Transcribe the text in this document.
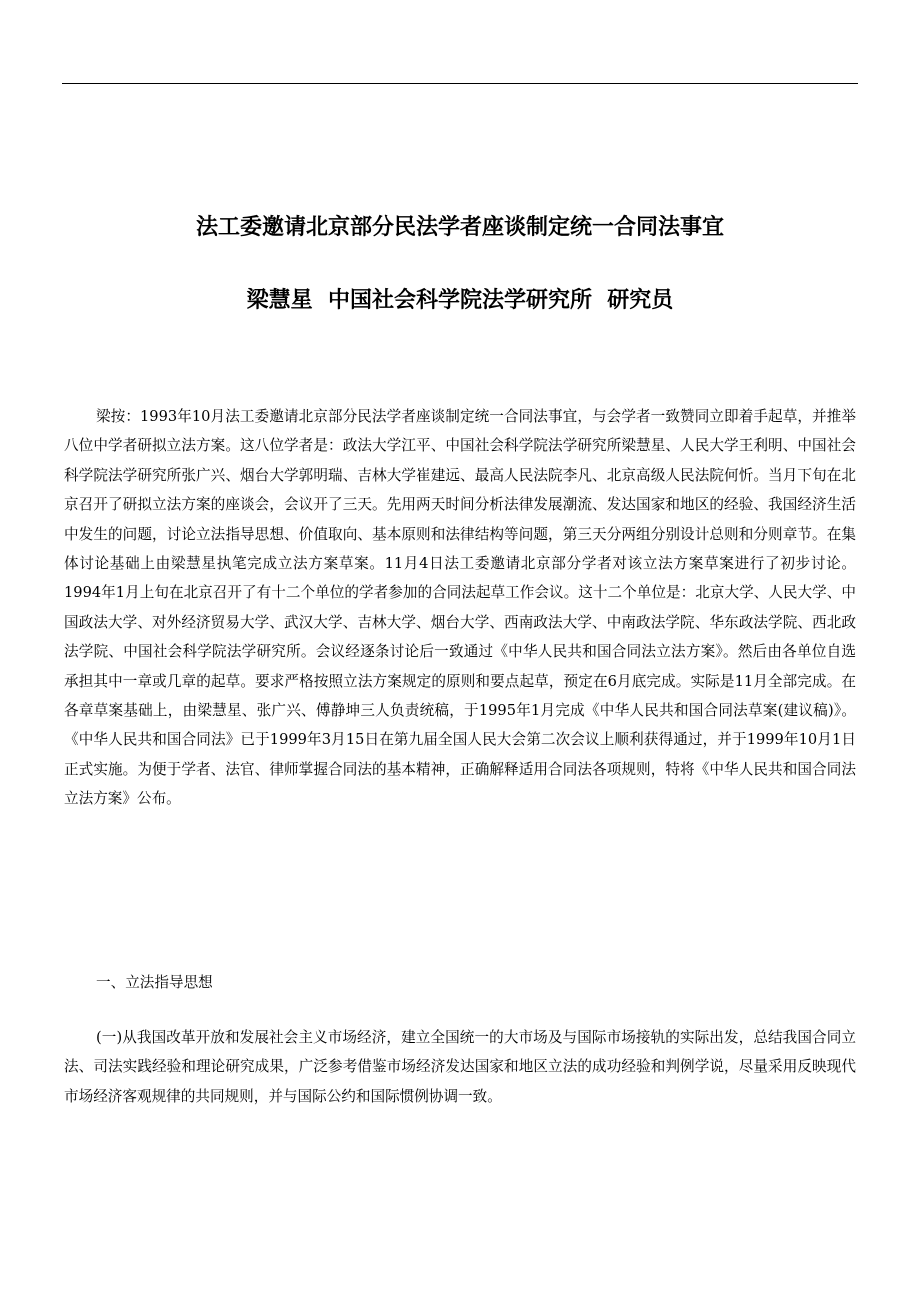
法工委邀请北京部分民法学者座谈制定统一合同法事宜
梁慧星  中国社会科学院法学研究所  研究员

梁按：1993年10月法工委邀请北京部分民法学者座谈制定统一合同法事宜，与会学者一致赞同立即着手起草，并推举八位中学者研拟立法方案。这八位学者是：政法大学江平、中国社会科学院法学研究所梁慧星、人民大学王利明、中国社会科学院法学研究所张广兴、烟台大学郭明瑞、吉林大学崔建远、最高人民法院李凡、北京高级人民法院何忻。当月下旬在北京召开了研拟立法方案的座谈会，会议开了三天。先用两天时间分析法律发展潮流、发达国家和地区的经验、我国经济生活中发生的问题，讨论立法指导思想、价值取向、基本原则和法律结构等问题，第三天分两组分别设计总则和分则章节。在集体讨论基础上由梁慧星执笔完成立法方案草案。11月4日法工委邀请北京部分学者对该立法方案草案进行了初步讨论。1994年1月上旬在北京召开了有十二个单位的学者参加的合同法起草工作会议。这十二个单位是：北京大学、人民大学、中国政法大学、对外经济贸易大学、武汉大学、吉林大学、烟台大学、西南政法大学、中南政法学院、华东政法学院、西北政法学院、中国社会科学院法学研究所。会议经逐条讨论后一致通过《中华人民共和国合同法立法方案》。然后由各单位自选承担其中一章或几章的起草。要求严格按照立法方案规定的原则和要点起草，预定在6月底完成。实际是11月全部完成。在各章草案基础上，由梁慧星、张广兴、傅静坤三人负责统稿，于1995年1月完成《中华人民共和国合同法草案(建议稿)》。《中华人民共和国合同法》已于1999年3月15日在第九届全国人民大会第二次会议上顺利获得通过，并于1999年10月1日正式实施。为便于学者、法官、律师掌握合同法的基本精神，正确解释适用合同法各项规则，特将《中华人民共和国合同法立法方案》公布。

一、立法指导思想

(一)从我国改革开放和发展社会主义市场经济，建立全国统一的大市场及与国际市场接轨的实际出发，总结我国合同立法、司法实践经验和理论研究成果，广泛参考借鉴市场经济发达国家和地区立法的成功经验和判例学说，尽量采用反映现代市场经济客观规律的共同规则，并与国际公约和国际惯例协调一致。
